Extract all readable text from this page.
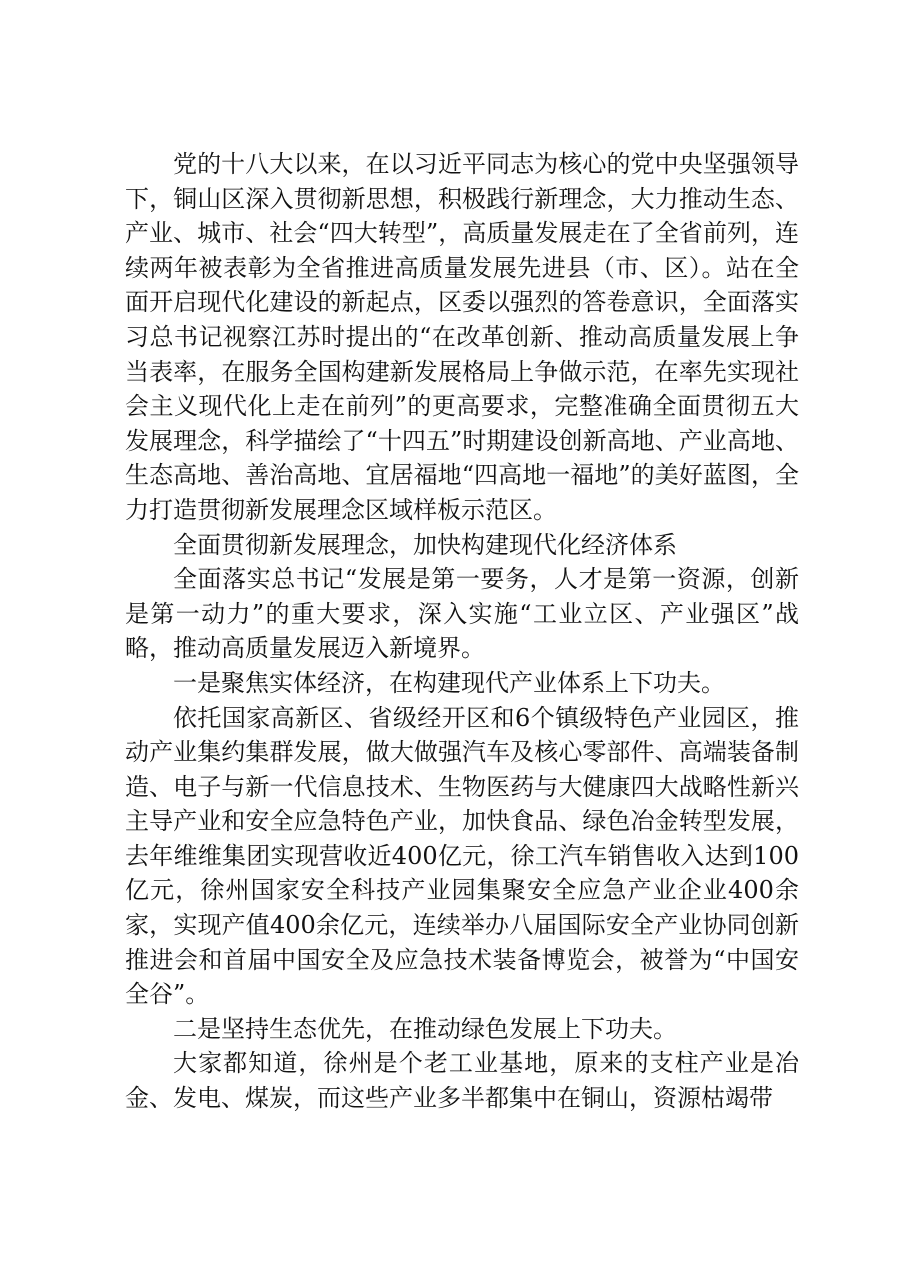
党的十八大以来，在以习近平同志为核心的党中央坚强领导下，铜山区深入贯彻新思想，积极践行新理念，大力推动生态、产业、城市、社会“四大转型”，高质量发展走在了全省前列，连续两年被表彰为全省推进高质量发展先进县（市、区）。站在全面开启现代化建设的新起点，区委以强烈的答卷意识，全面落实习总书记视察江苏时提出的“在改革创新、推动高质量发展上争当表率，在服务全国构建新发展格局上争做示范，在率先实现社会主义现代化上走在前列”的更高要求，完整准确全面贯彻五大发展理念，科学描绘了“十四五”时期建设创新高地、产业高地、生态高地、善治高地、宜居福地“四高地一福地”的美好蓝图，全力打造贯彻新发展理念区域样板示范区。

全面贯彻新发展理念，加快构建现代化经济体系

全面落实总书记“发展是第一要务，人才是第一资源，创新是第一动力”的重大要求，深入实施“工业立区、产业强区”战略，推动高质量发展迈入新境界。

一是聚焦实体经济，在构建现代产业体系上下功夫。

依托国家高新区、省级经开区和6个镇级特色产业园区，推动产业集约集群发展，做大做强汽车及核心零部件、高端装备制造、电子与新一代信息技术、生物医药与大健康四大战略性新兴主导产业和安全应急特色产业，加快食品、绿色冶金转型发展，去年维维集团实现营收近400亿元，徐工汽车销售收入达到100亿元，徐州国家安全科技产业园集聚安全应急产业企业400余家，实现产值400余亿元，连续举办八届国际安全产业协同创新推进会和首届中国安全及应急技术装备博览会，被誉为“中国安全谷”。

二是坚持生态优先，在推动绿色发展上下功夫。

大家都知道，徐州是个老工业基地，原来的支柱产业是冶金、发电、煤炭，而这些产业多半都集中在铜山，资源枯竭带
